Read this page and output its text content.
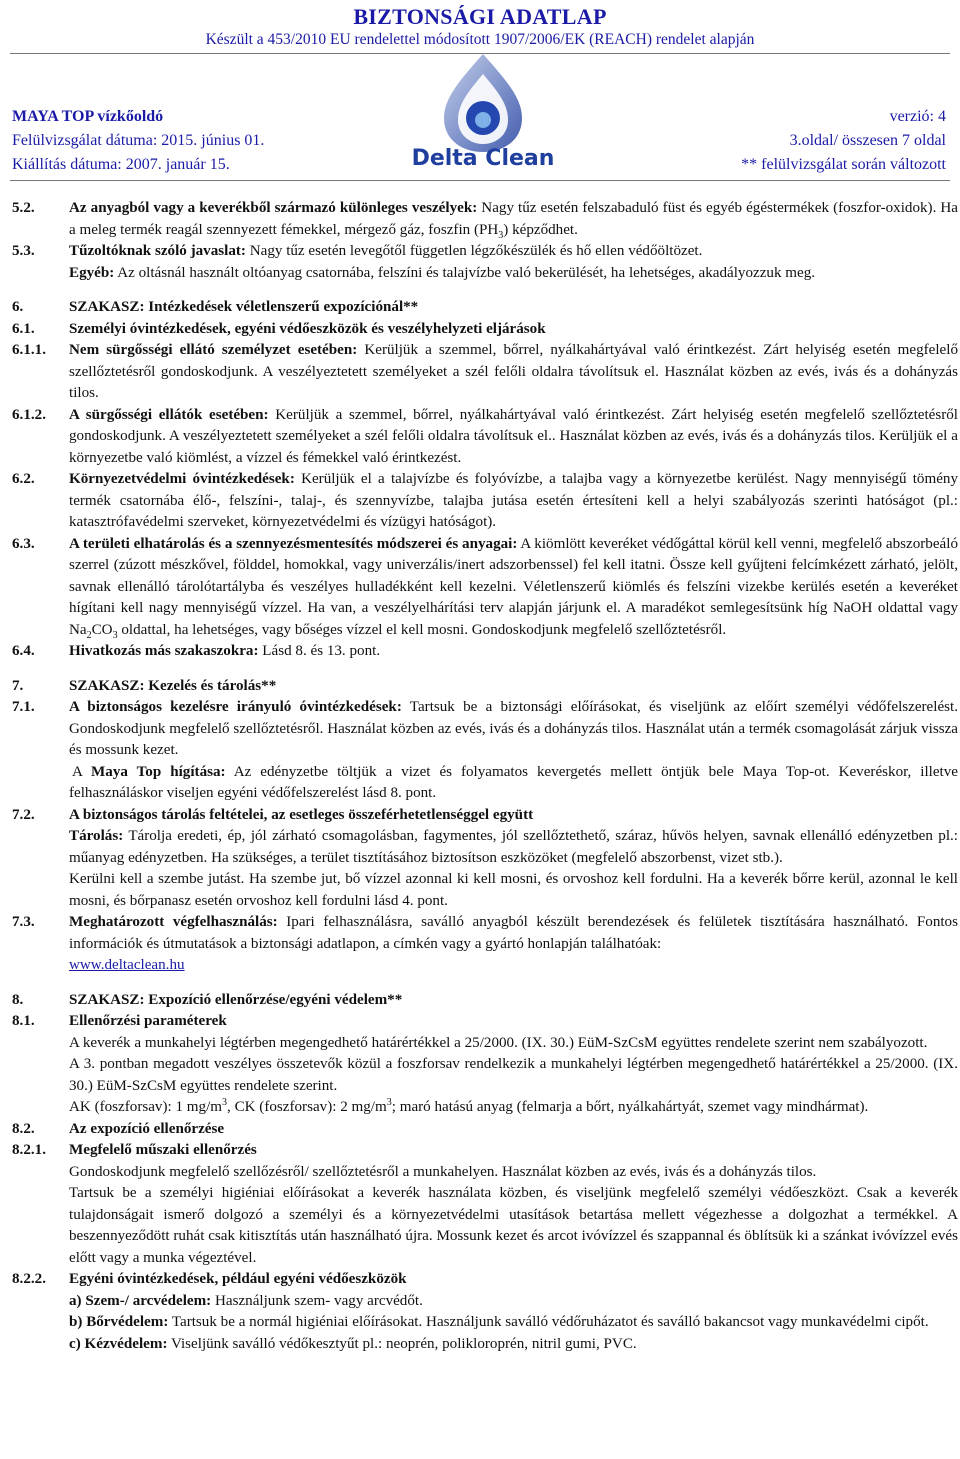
BIZTONSÁGI ADATLAP
Készült a 453/2010 EU rendelettel módosított 1907/2006/EK (REACH) rendelet alapján
Delta Clean
MAYA TOP vízkőoldó
Felülvizsgálat dátuma: 2015. június 01.
Kiállítás dátuma: 2007. január 15.
verzió: 4
3.oldal/ összesen 7 oldal
** felülvizsgálat során változott
5.2.	Az anyagból vagy a keverékből származó különleges veszélyek: Nagy tűz esetén felszabaduló füst és egyéb égéstermékek (foszfor-oxidok). Ha a meleg termék reagál szennyezett fémekkel, mérgező gáz, foszfin $(PH_3)$ képződhet.
5.3.	Tűzoltóknak szóló javaslat: Nagy tűz esetén levegőtől független légzőkészülék és hő ellen védőöltözet.
Egyéb: Az oltásnál használt oltóanyag csatornába, felszíni és talajvízbe való bekerülését, ha lehetséges, akadályozzuk meg.
6.	SZAKASZ: Intézkedések véletlenszerű expozíciónál**
6.1.	Személyi óvintézkedések, egyéni védőeszközök és veszélyhelyzeti eljárások
6.1.1.	Nem sürgősségi ellátó személyzet esetében: Kerüljük a szemmel, bőrrel, nyálkahártyával való érintkezést. Zárt helyiség esetén megfelelő szellőztetésről gondoskodjunk. A veszélyeztetett személyeket a szél felőli oldalra távolítsuk el. Használat közben az evés, ivás és a dohányzás tilos.
6.1.2.	A sürgősségi ellátók esetében: Kerüljük a szemmel, bőrrel, nyálkahártyával való érintkezést. Zárt helyiség esetén megfelelő szellőztetésről gondoskodjunk. A veszélyeztetett személyeket a szél felőli oldalra távolítsuk el.. Használat közben az evés, ivás és a dohányzás tilos. Kerüljük el a környezetbe való kiömlést, a vízzel és fémekkel való érintkezést.
6.2.	Környezetvédelmi óvintézkedések: Kerüljük el a talajvízbe és folyóvízbe, a talajba vagy a környezetbe kerülést. Nagy mennyiségű tömény termék csatornába élő-, felszíni-, talaj-, és szennyvízbe, talajba jutása esetén értesíteni kell a helyi szabályozás szerinti hatóságot (pl.: katasztrófavédelmi szerveket, környezetvédelmi és vízügyi hatóságot).
6.3.	A területi elhatárolás és a szennyezésmentesítés módszerei és anyagai: A kiömlött keveréket védőgáttal körül kell venni, megfelelő abszorbeáló szerrel (zúzott mészkővel, földdel, homokkal, vagy univerzális/inert adszorbenssel) fel kell itatni. Össze kell gyűjteni felcímkézett zárható, jelölt, savnak ellenálló tárolótartályba és veszélyes hulladékként kell kezelni. Véletlenszerű kiömlés és felszíni vizekbe kerülés esetén a keveréket hígítani kell nagy mennyiségű vízzel. Ha van, a veszélyelhárítási terv alapján járjunk el. A maradékot semlegesítsünk híg NaOH oldattal vagy $Na_2CO_3$ oldattal, ha lehetséges, vagy bőséges vízzel el kell mosni. Gondoskodjunk megfelelő szellőztetésről.
6.4.	Hivatkozás más szakaszokra: Lásd 8. és 13. pont.
7.	SZAKASZ: Kezelés és tárolás**
7.1.	A biztonságos kezelésre irányuló óvintézkedések: Tartsuk be a biztonsági előírásokat, és viseljünk az előírt személyi védőfelszerelést. Gondoskodjunk megfelelő szellőztetésről. Használat közben az evés, ivás és a dohányzás tilos. Használat után a termék csomagolását zárjuk vissza és mossunk kezet.
A Maya Top hígítása: Az edényzetbe töltjük a vizet és folyamatos kevergetés mellett öntjük bele Maya Top-ot. Keveréskor, illetve felhasználáskor viseljen egyéni védőfelszerelést lásd 8. pont.
7.2.	A biztonságos tárolás feltételei, az esetleges összeférhetetlenséggel együtt
Tárolás: Tárolja eredeti, ép, jól zárható csomagolásban, fagymentes, jól szellőztethető, száraz, hűvös helyen, savnak ellenálló edényzetben pl.: műanyag edényzetben. Ha szükséges, a terület tisztításához biztosítson eszközöket (megfelelő abszorbenst, vizet stb.).
Kerülni kell a szembe jutást. Ha szembe jut, bő vízzel azonnal ki kell mosni, és orvoshoz kell fordulni. Ha a keverék bőrre kerül, azonnal le kell mosni, és bőrpanasz esetén orvoshoz kell fordulni lásd 4. pont.
7.3.	Meghatározott végfelhasználás: Ipari felhasználásra, saválló anyagból készült berendezések és felületek tisztítására használható. Fontos információk és útmutatások a biztonsági adatlapon, a címkén vagy a gyártó honlapján találhatóak:
www.deltaclean.hu
8.	SZAKASZ: Expozíció ellenőrzése/egyéni védelem**
8.1.	Ellenőrzési paraméterek
A keverék a munkahelyi légtérben megengedhető határértékkel a 25/2000. (IX. 30.) EüM-SzCsM együttes rendelete szerint nem szabályozott.
A 3. pontban megadott veszélyes összetevők közül a foszforsav rendelkezik a munkahelyi légtérben megengedhető határértékkel a 25/2000. (IX. 30.) EüM-SzCsM együttes rendelete szerint.
AK (foszforsav): 1 $mg/m^3$, CK (foszforsav): 2 $mg/m^3$; maró hatású anyag (felmarja a bőrt, nyálkahártyát, szemet vagy mindhármat).
8.2.	Az expozíció ellenőrzése
8.2.1.	Megfelelő műszaki ellenőrzés
Gondoskodjunk megfelelő szellőzésről/ szellőztetésről a munkahelyen. Használat közben az evés, ivás és a dohányzás tilos.
Tartsuk be a személyi higiéniai előírásokat a keverék használata közben, és viseljünk megfelelő személyi védőeszközt. Csak a keverék tulajdonságait ismerő dolgozó a személyi és a környezetvédelmi utasítások betartása mellett végezhesse a dolgozhat a termékkel. A beszennyeződött ruhát csak kitisztítás után használható újra. Mossunk kezet és arcot ivóvízzel és szappannal és öblítsük ki a szánkat ivóvízzel evés előtt vagy a munka végeztével.
8.2.2.	Egyéni óvintézkedések, például egyéni védőeszközök
a) Szem-/ arcvédelem: Használjunk szem- vagy arcvédőt.
b) Bőrvédelem: Tartsuk be a normál higiéniai előírásokat. Használjunk saválló védőruházatot és saválló bakancsot vagy munkavédelmi cipőt.
c) Kézvédelem: Viseljünk saválló védőkesztyűt pl.: neoprén, polikloroprén, nitril gumi, PVC.
